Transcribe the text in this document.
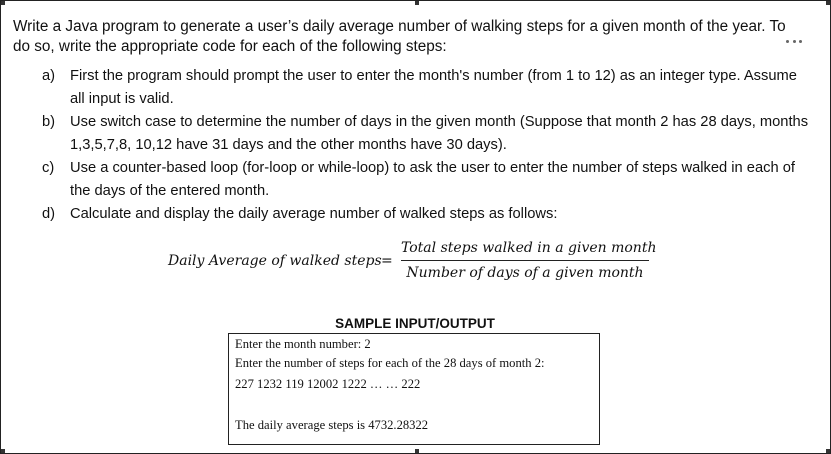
Write a Java program to generate a user’s daily average number of walking steps for a given month of the year. To
do so, write the appropriate code for each of the following steps:
a) First the program should prompt the user to enter the month's number (from 1 to 12) as an integer type. Assume all input is valid.
b) Use switch case to determine the number of days in the given month (Suppose that month 2 has 28 days, months 1,3,5,7,8, 10,12 have 31 days and the other months have 30 days).
c) Use a counter-based loop (for-loop or while-loop) to ask the user to enter the number of steps walked in each of the days of the entered month.
d) Calculate and display the daily average number of walked steps as follows:
Daily Average of walked steps =
Total steps walked in a given month
Number of days of a given month
SAMPLE INPUT/OUTPUT
Enter the month number: 2
Enter the number of steps for each of the 28 days of month 2:
227 1232 119 12002 1222 … … 222
The daily average steps is 4732.28322
